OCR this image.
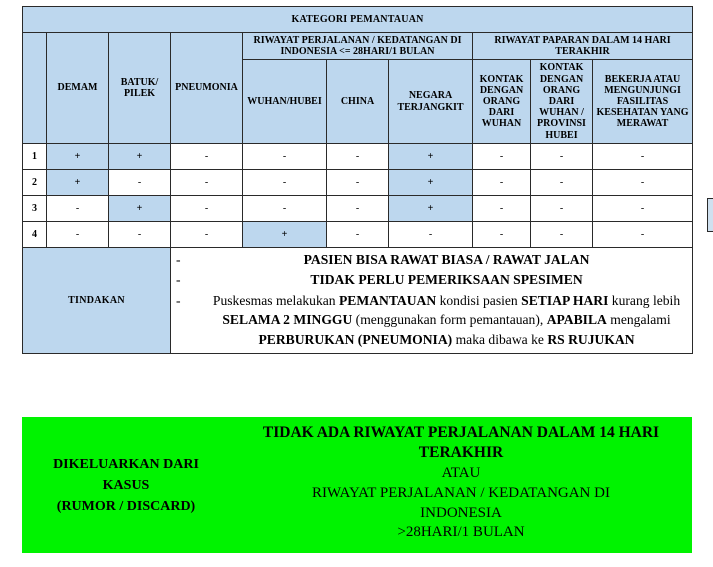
KATEGORI PEMANTAUAN									
	DEMAM	BATUK/ PILEK	PNEUMONIA	RIWAYAT PERJALANAN / KEDATANGAN DI INDONESIA <= 28HARI/1 BULAN			RIWAYAT PAPARAN DALAM 14 HARI TERAKHIR		
				WUHAN/HUBEI	CHINA	NEGARA TERJANGKIT	KONTAK DENGAN ORANG DARI WUHAN	KONTAK DENGAN ORANG DARI WUHAN / PROVINSI HUBEI	BEKERJA ATAU MENGUNJUNGI FASILITAS KESEHATAN YANG MERAWAT

1	+	+	-	-	-	+	-	-	-
2	+	-	-	-	-	+	-	-	-
3	-	+	-	-	-	+	-	-	-
4	-	-	-	+	-	-	-	-	-
TINDAKAN	
-	PASIEN BISA RAWAT BIASA / RAWAT JALAN
-	TIDAK PERLU PEMERIKSAAN SPESIMEN
-	Puskesmas melakukan PEMANTAUAN kondisi pasien SETIAP HARI kurang lebih SELAMA 2 MINGGU (menggunakan form pemantauan), APABILA mengalami PERBURUKAN (PNEUMONIA) maka dibawa ke RS RUJUKAN
DIKELUARKAN DARI
KASUS
(RUMOR / DISCARD)

TIDAK ADA RIWAYAT PERJALANAN DALAM 14 HARI
TERAKHIR
ATAU
RIWAYAT PERJALANAN / KEDATANGAN DI
INDONESIA
>28HARI/1 BULAN
